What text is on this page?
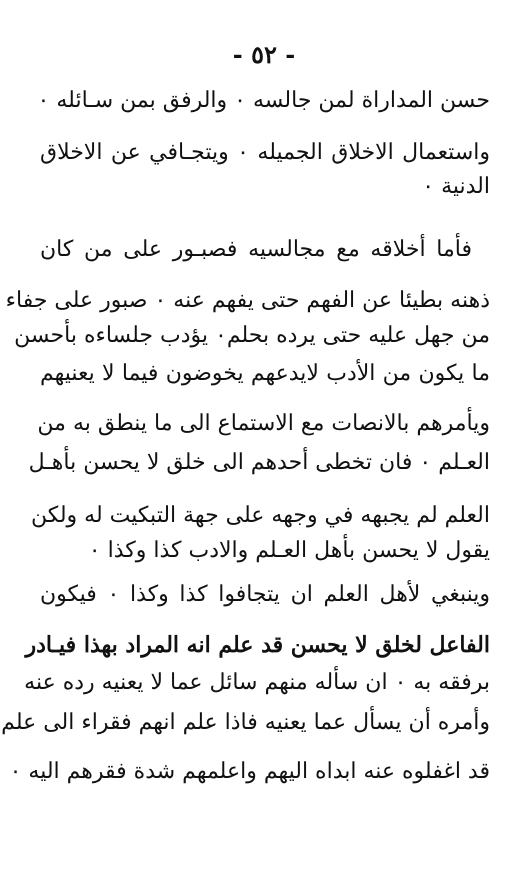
- ٥٢ -
حسن المداراة لمن جالسه ٠ والرفق بمن سـائله ٠
واستعمال الاخلاق الجميله ٠ ويتجـافي عن الاخلاق
الدنية ٠
فأما أخلاقه مع مجالسيه فصبـور على من كان
ذهنه بطيئا عن الفهم حتى يفهم عنه ٠ صبور على جفاء
من جهل عليه حتى يرده بحلم٠ يؤدب جلساءه بأحسن
ما يكون من الأدب لايدعهم يخوضون فيما لا يعنيهم
ويأمرهم بالانصات مع الاستماع الى ما ينطق به من
العـلم ٠ فان تخطى أحدهم الى خلق لا يحسن بأهـل
العلم لم يجبهه في وجهه على جهة التبكيت له ولكن
يقول لا يحسن بأهل العـلم والادب كذا وكذا ٠
وينبغي لأهل العلم ان يتجافوا كذا وكذا ٠ فيكون
الفاعل لخلق لا يحسن قد علم انه المراد بهذا فيـادر
برفقه به ٠ ان سأله منهم سائل عما لا يعنيه رده عنه
وأمره أن يسأل عما يعنيه فاذا علم انهم فقراء الى علم
قد اغفلوه عنه ابداه اليهم واعلمهم شدة فقرهم اليه ٠
